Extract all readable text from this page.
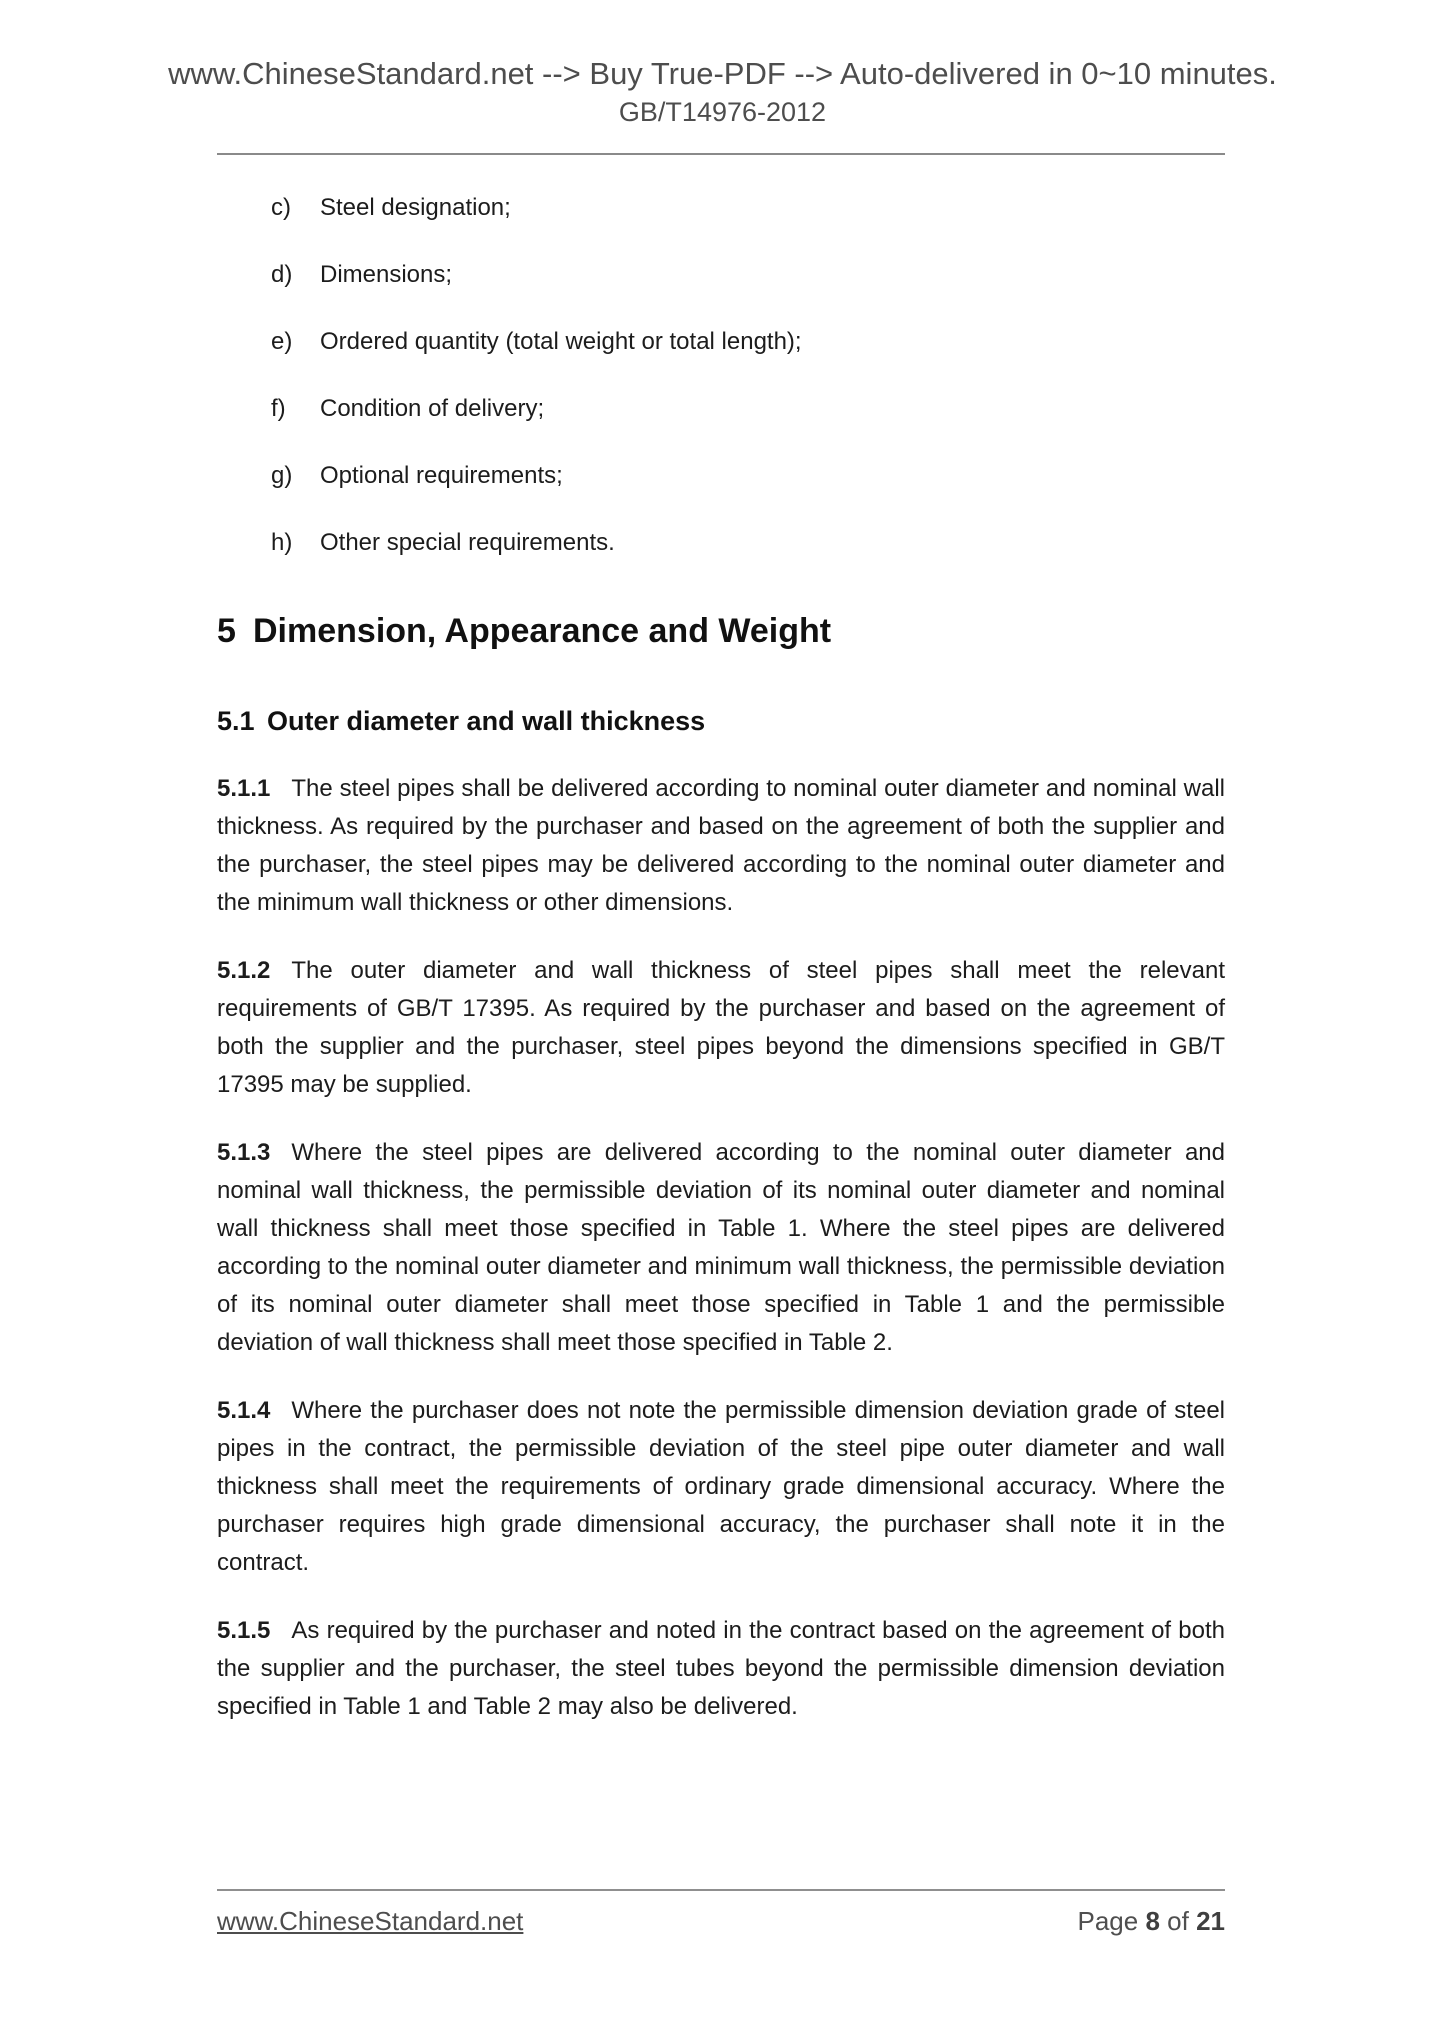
www.ChineseStandard.net --> Buy True-PDF --> Auto-delivered in 0~10 minutes.
GB/T14976-2012
c)	Steel designation;
d)	Dimensions;
e)	Ordered quantity (total weight or total length);
f)	Condition of delivery;
g)	Optional requirements;
h)	Other special requirements.
5 Dimension, Appearance and Weight
5.1 Outer diameter and wall thickness

5.1.1 The steel pipes shall be delivered according to nominal outer diameter and nominal wall thickness. As required by the purchaser and based on the agreement of both the supplier and the purchaser, the steel pipes may be delivered according to the nominal outer diameter and the minimum wall thickness or other dimensions.

5.1.2 The outer diameter and wall thickness of steel pipes shall meet the relevant requirements of GB/T 17395. As required by the purchaser and based on the agreement of both the supplier and the purchaser, steel pipes beyond the dimensions specified in GB/T 17395 may be supplied.

5.1.3 Where the steel pipes are delivered according to the nominal outer diameter and nominal wall thickness, the permissible deviation of its nominal outer diameter and nominal wall thickness shall meet those specified in Table 1. Where the steel pipes are delivered according to the nominal outer diameter and minimum wall thickness, the permissible deviation of its nominal outer diameter shall meet those specified in Table 1 and the permissible deviation of wall thickness shall meet those specified in Table 2.

5.1.4 Where the purchaser does not note the permissible dimension deviation grade of steel pipes in the contract, the permissible deviation of the steel pipe outer diameter and wall thickness shall meet the requirements of ordinary grade dimensional accuracy. Where the purchaser requires high grade dimensional accuracy, the purchaser shall note it in the contract.

5.1.5 As required by the purchaser and noted in the contract based on the agreement of both the supplier and the purchaser, the steel tubes beyond the permissible dimension deviation specified in Table 1 and Table 2 may also be delivered.

www.ChineseStandard.net	Page 8 of 21
